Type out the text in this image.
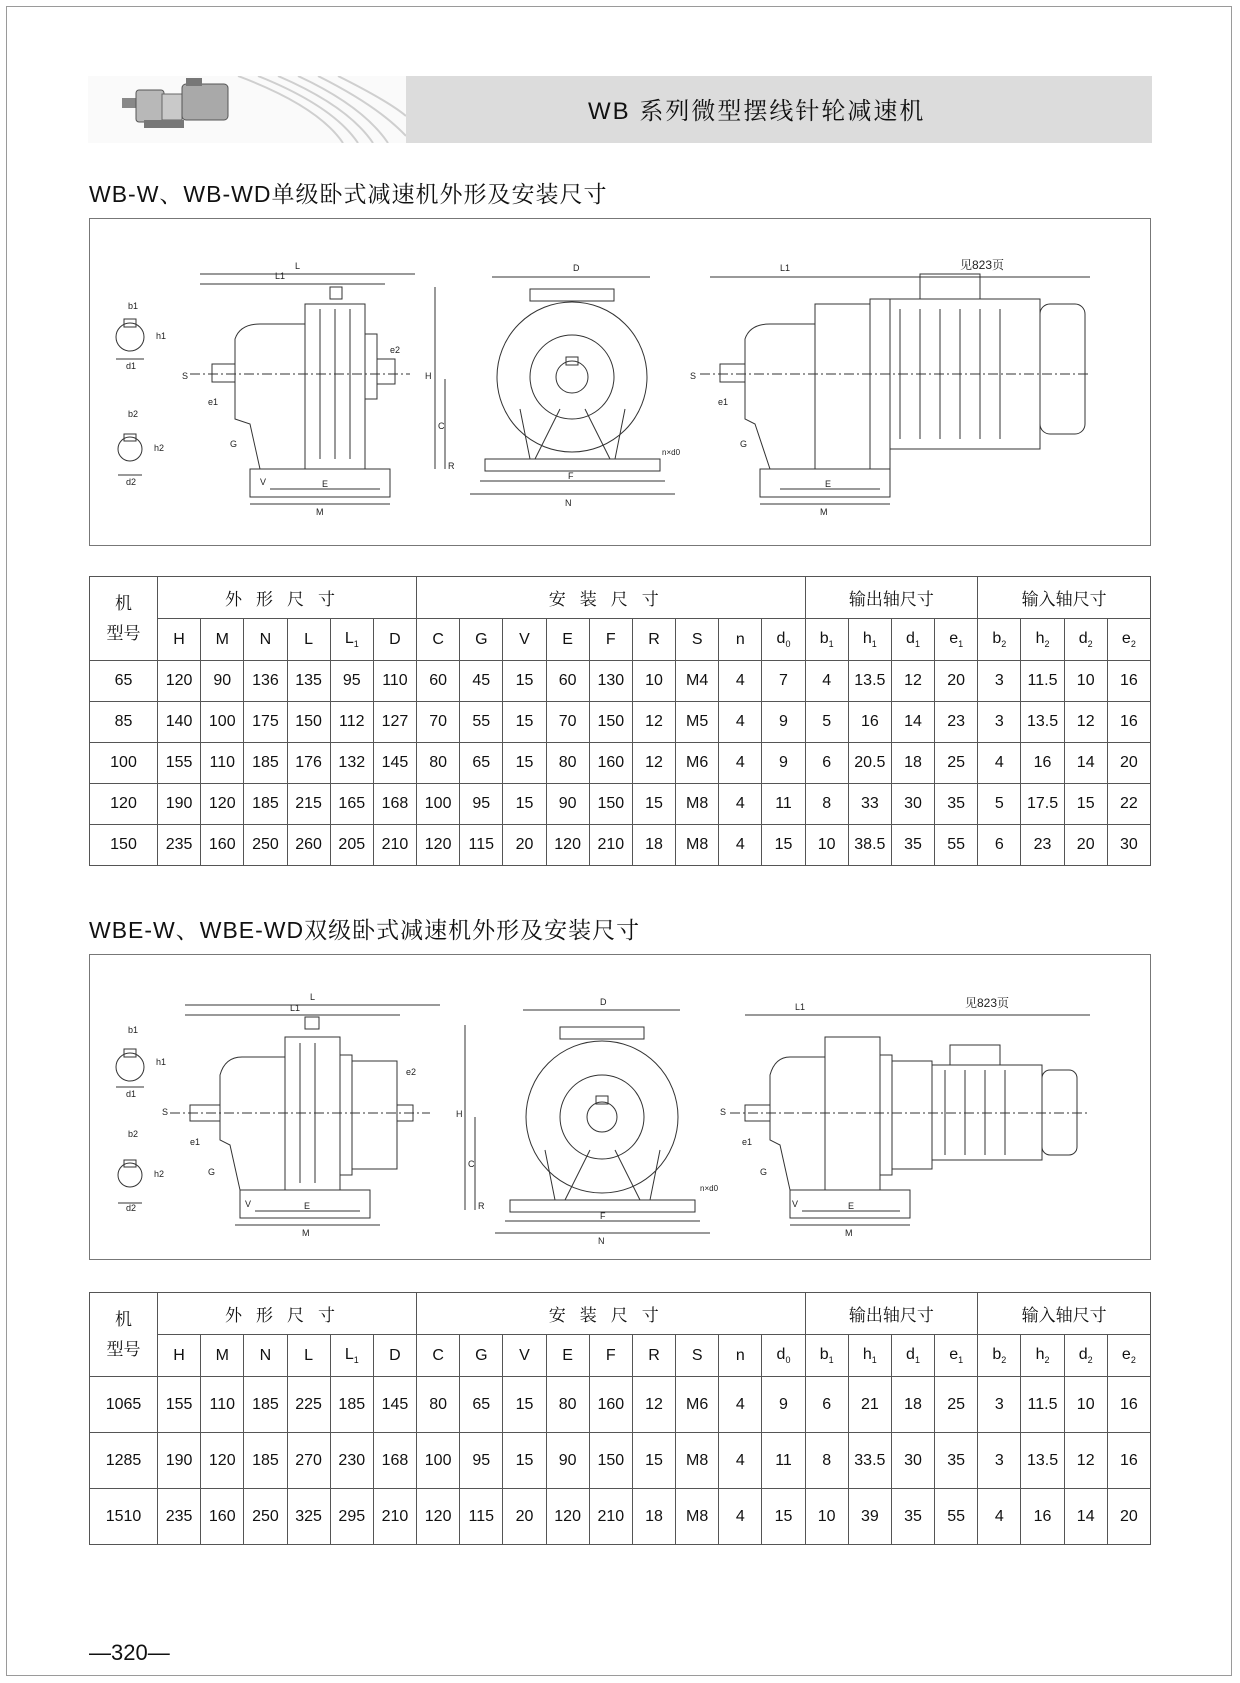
WB 系列微型摆线针轮减速机
WB-W、WB-WD单级卧式减速机外形及安装尺寸
b1
h1
d1
b2
h2
d2
L
L1
S
e1
G
V	E
M
e2
D
H
C
R
F
N
n×d0
L1	见823页
S
e1
G
E
M
机
型号	外形尺寸						安装尺寸									输出轴尺寸				输入轴尺寸			
	H	M	N	L	$L_1$	D	C	G	V	E	F	R	S	n	$d_0$	$b_1$	$h_1$	$d_1$	$e_1$	$b_2$	$h_2$	$d_2$	$e_2$
65	120	90	136	135	95	110	60	45	15	60	130	10	M4	4	7	4	13.5	12	20	3	11.5	10	16
85	140	100	175	150	112	127	70	55	15	70	150	12	M5	4	9	5	16	14	23	3	13.5	12	16
100	155	110	185	176	132	145	80	65	15	80	160	12	M6	4	9	6	20.5	18	25	4	16	14	20
120	190	120	185	215	165	168	100	95	15	90	150	15	M8	4	11	8	33	30	35	5	17.5	15	22
150	235	160	250	260	205	210	120	115	20	120	210	18	M8	4	15	10	38.5	35	55	6	23	20	30
WBE-W、WBE-WD双级卧式减速机外形及安装尺寸
b1
h1
d1
b2
h2
d2
L
L1
S
e1
G
V	E
M
e2
D
H
C
R
F
N
n×d0
L1	见823页
S
e1
G
V	E
M
机
型号	外形尺寸						安装尺寸									输出轴尺寸				输入轴尺寸			
	H	M	N	L	$L_1$	D	C	G	V	E	F	R	S	n	$d_0$	$b_1$	$h_1$	$d_1$	$e_1$	$b_2$	$h_2$	$d_2$	$e_2$
1065	155	110	185	225	185	145	80	65	15	80	160	12	M6	4	9	6	21	18	25	3	11.5	10	16
1285	190	120	185	270	230	168	100	95	15	90	150	15	M8	4	11	8	33.5	30	35	3	13.5	12	16
1510	235	160	250	325	295	210	120	115	20	120	210	18	M8	4	15	10	39	35	55	4	16	14	20
—320—
